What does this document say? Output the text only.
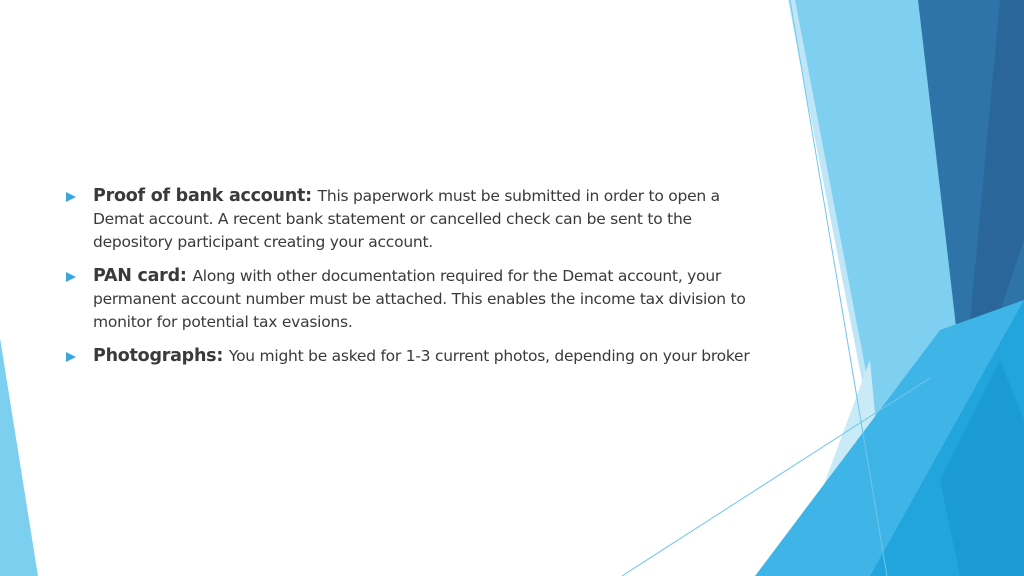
Proof of bank account: This paperwork must be submitted in order to open a Demat account. A recent bank statement or cancelled check can be sent to the depository participant creating your account.
PAN card: Along with other documentation required for the Demat account, your permanent account number must be attached. This enables the income tax division to monitor for potential tax evasions.
Photographs: You might be asked for 1-3 current photos, depending on your broker
